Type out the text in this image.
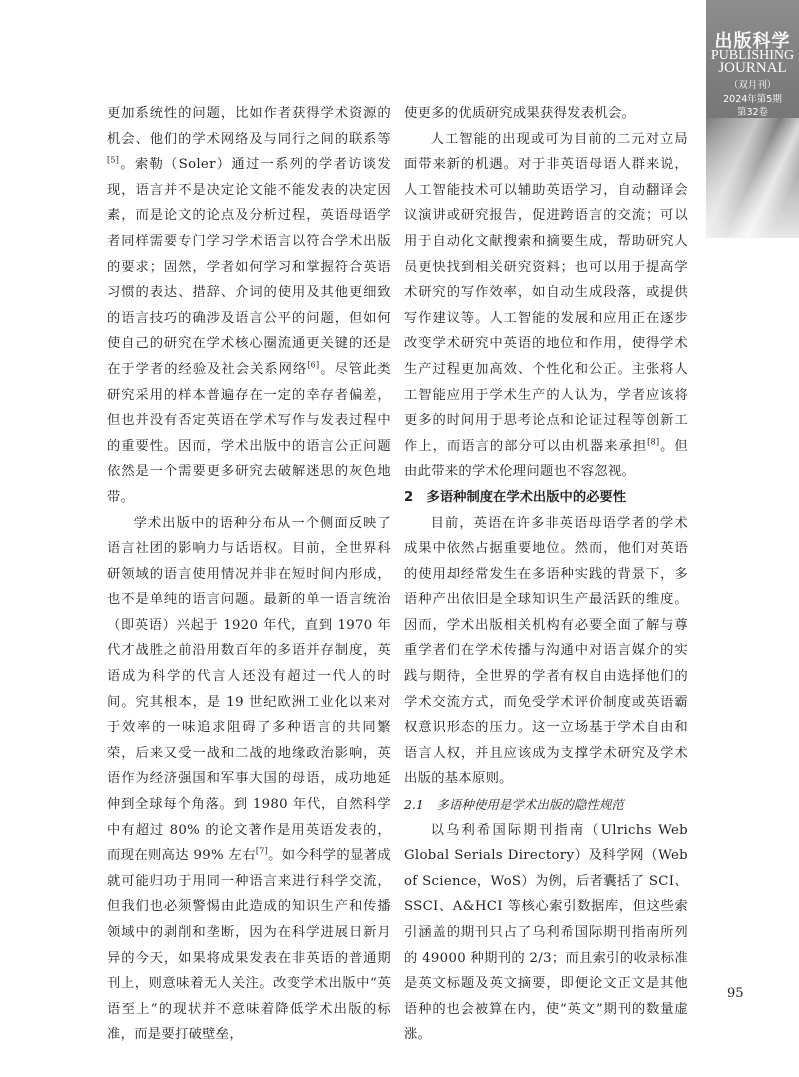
出版科学
PUBLISHING
JOURNAL
（双月刊）
2024年第5期
第32卷

更加系统性的问题，比如作者获得学术资源的机会、他们的学术网络及与同行之间的联系等[5]。索勒（Soler）通过一系列的学者访谈发现，语言并不是决定论文能不能发表的决定因素，而是论文的论点及分析过程，英语母语学者同样需要专门学习学术语言以符合学术出版的要求；固然，学者如何学习和掌握符合英语习惯的表达、措辞、介词的使用及其他更细致的语言技巧的确涉及语言公平的问题，但如何使自己的研究在学术核心圈流通更关键的还是在于学者的经验及社会关系网络[6]。尽管此类研究采用的样本普遍存在一定的幸存者偏差，但也并没有否定英语在学术写作与发表过程中的重要性。因而，学术出版中的语言公正问题依然是一个需要更多研究去破解迷思的灰色地带。

学术出版中的语种分布从一个侧面反映了语言社团的影响力与话语权。目前，全世界科研领域的语言使用情况并非在短时间内形成，也不是单纯的语言问题。最新的单一语言统治（即英语）兴起于 1920 年代，直到 1970 年代才战胜之前沿用数百年的多语并存制度，英语成为科学的代言人还没有超过一代人的时间。究其根本，是 19 世纪欧洲工业化以来对于效率的一味追求阻碍了多种语言的共同繁荣，后来又受一战和二战的地缘政治影响，英语作为经济强国和军事大国的母语，成功地延伸到全球每个角落。到 1980 年代，自然科学中有超过 80% 的论文著作是用英语发表的，而现在则高达 99% 左右[7]。如今科学的显著成就可能归功于用同一种语言来进行科学交流，但我们也必须警惕由此造成的知识生产和传播领域中的剥削和垄断，因为在科学进展日新月异的今天，如果将成果发表在非英语的普通期刊上，则意味着无人关注。改变学术出版中“英语至上”的现状并不意味着降低学术出版的标准，而是要打破壁垒，

使更多的优质研究成果获得发表机会。

人工智能的出现或可为目前的二元对立局面带来新的机遇。对于非英语母语人群来说，人工智能技术可以辅助英语学习，自动翻译会议演讲或研究报告，促进跨语言的交流；可以用于自动化文献搜索和摘要生成，帮助研究人员更快找到相关研究资料；也可以用于提高学术研究的写作效率，如自动生成段落，或提供写作建议等。人工智能的发展和应用正在逐步改变学术研究中英语的地位和作用，使得学术生产过程更加高效、个性化和公正。主张将人工智能应用于学术生产的人认为，学者应该将更多的时间用于思考论点和论证过程等创新工作上，而语言的部分可以由机器来承担[8]。但由此带来的学术伦理问题也不容忽视。

2　多语种制度在学术出版中的必要性

目前，英语在许多非英语母语学者的学术成果中依然占据重要地位。然而，他们对英语的使用却经常发生在多语种实践的背景下，多语种产出依旧是全球知识生产最活跃的维度。因而，学术出版相关机构有必要全面了解与尊重学者们在学术传播与沟通中对语言媒介的实践与期待，全世界的学者有权自由选择他们的学术交流方式，而免受学术评价制度或英语霸权意识形态的压力。这一立场基于学术自由和语言人权，并且应该成为支撑学术研究及学术出版的基本原则。

2.1　多语种使用是学术出版的隐性规范

以乌利希国际期刊指南（Ulrichs Web Global Serials Directory）及科学网（Web of Science，WoS）为例，后者囊括了 SCI、SSCI、A&HCI 等核心索引数据库，但这些索引涵盖的期刊只占了乌利希国际期刊指南所列的 49000 种期刊的 2/3；而且索引的收录标准是英文标题及英文摘要，即便论文正文是其他语种的也会被算在内，使“英文”期刊的数量虚涨。

95
